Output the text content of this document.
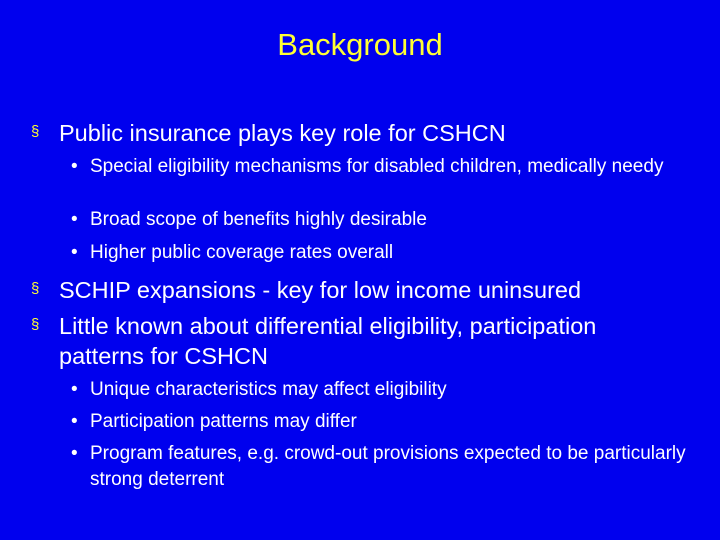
Background
§ Public insurance plays key role for CSHCN
• Special eligibility mechanisms for disabled children, medically needy
• Broad scope of benefits highly desirable
• Higher public coverage rates overall
§ SCHIP expansions - key for low income uninsured
§ Little known about differential eligibility, participation patterns for CSHCN
• Unique characteristics may affect eligibility
• Participation patterns may differ
• Program features, e.g. crowd-out provisions expected to be particularly strong deterrent
